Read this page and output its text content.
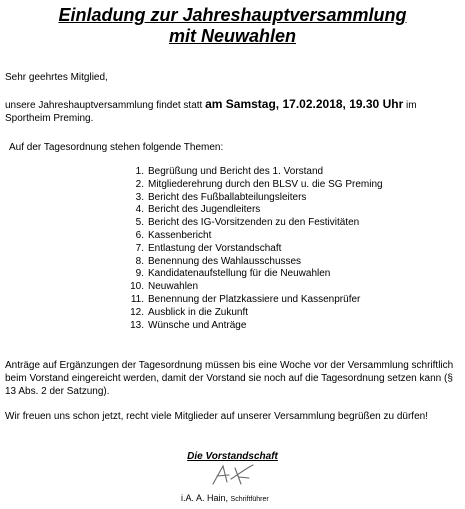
Einladung zur Jahreshauptversammlung
mit Neuwahlen
Sehr geehrtes Mitglied,
unsere Jahreshauptversammlung findet statt am Samstag, 17.02.2018, 19.30 Uhr im Sportheim Preming.
Auf der Tagesordnung stehen folgende Themen:
1. Begrüßung und Bericht des 1. Vorstand
2. Mitgliederehrung durch den BLSV u. die SG Preming
3. Bericht des Fußballabteilungsleiters
4. Bericht des Jugendleiters
5. Bericht des IG-Vorsitzenden zu den Festivitäten
6. Kassenbericht
7. Entlastung der Vorstandschaft
8. Benennung des Wahlausschusses
9. Kandidatenaufstellung für die Neuwahlen
10. Neuwahlen
11. Benennung der Platzkassiere und Kassenprüfer
12. Ausblick in die Zukunft
13. Wünsche und Anträge
Anträge auf Ergänzungen der Tagesordnung müssen bis eine Woche vor der Versammlung schriftlich beim Vorstand eingereicht werden, damit der Vorstand sie noch auf die Tagesordnung setzen kann (§ 13 Abs. 2 der Satzung).
Wir freuen uns schon jetzt, recht viele Mitglieder auf unserer Versammlung begrüßen zu dürfen!
Die Vorstandschaft
i.A. A. Hain, Schriftführer
